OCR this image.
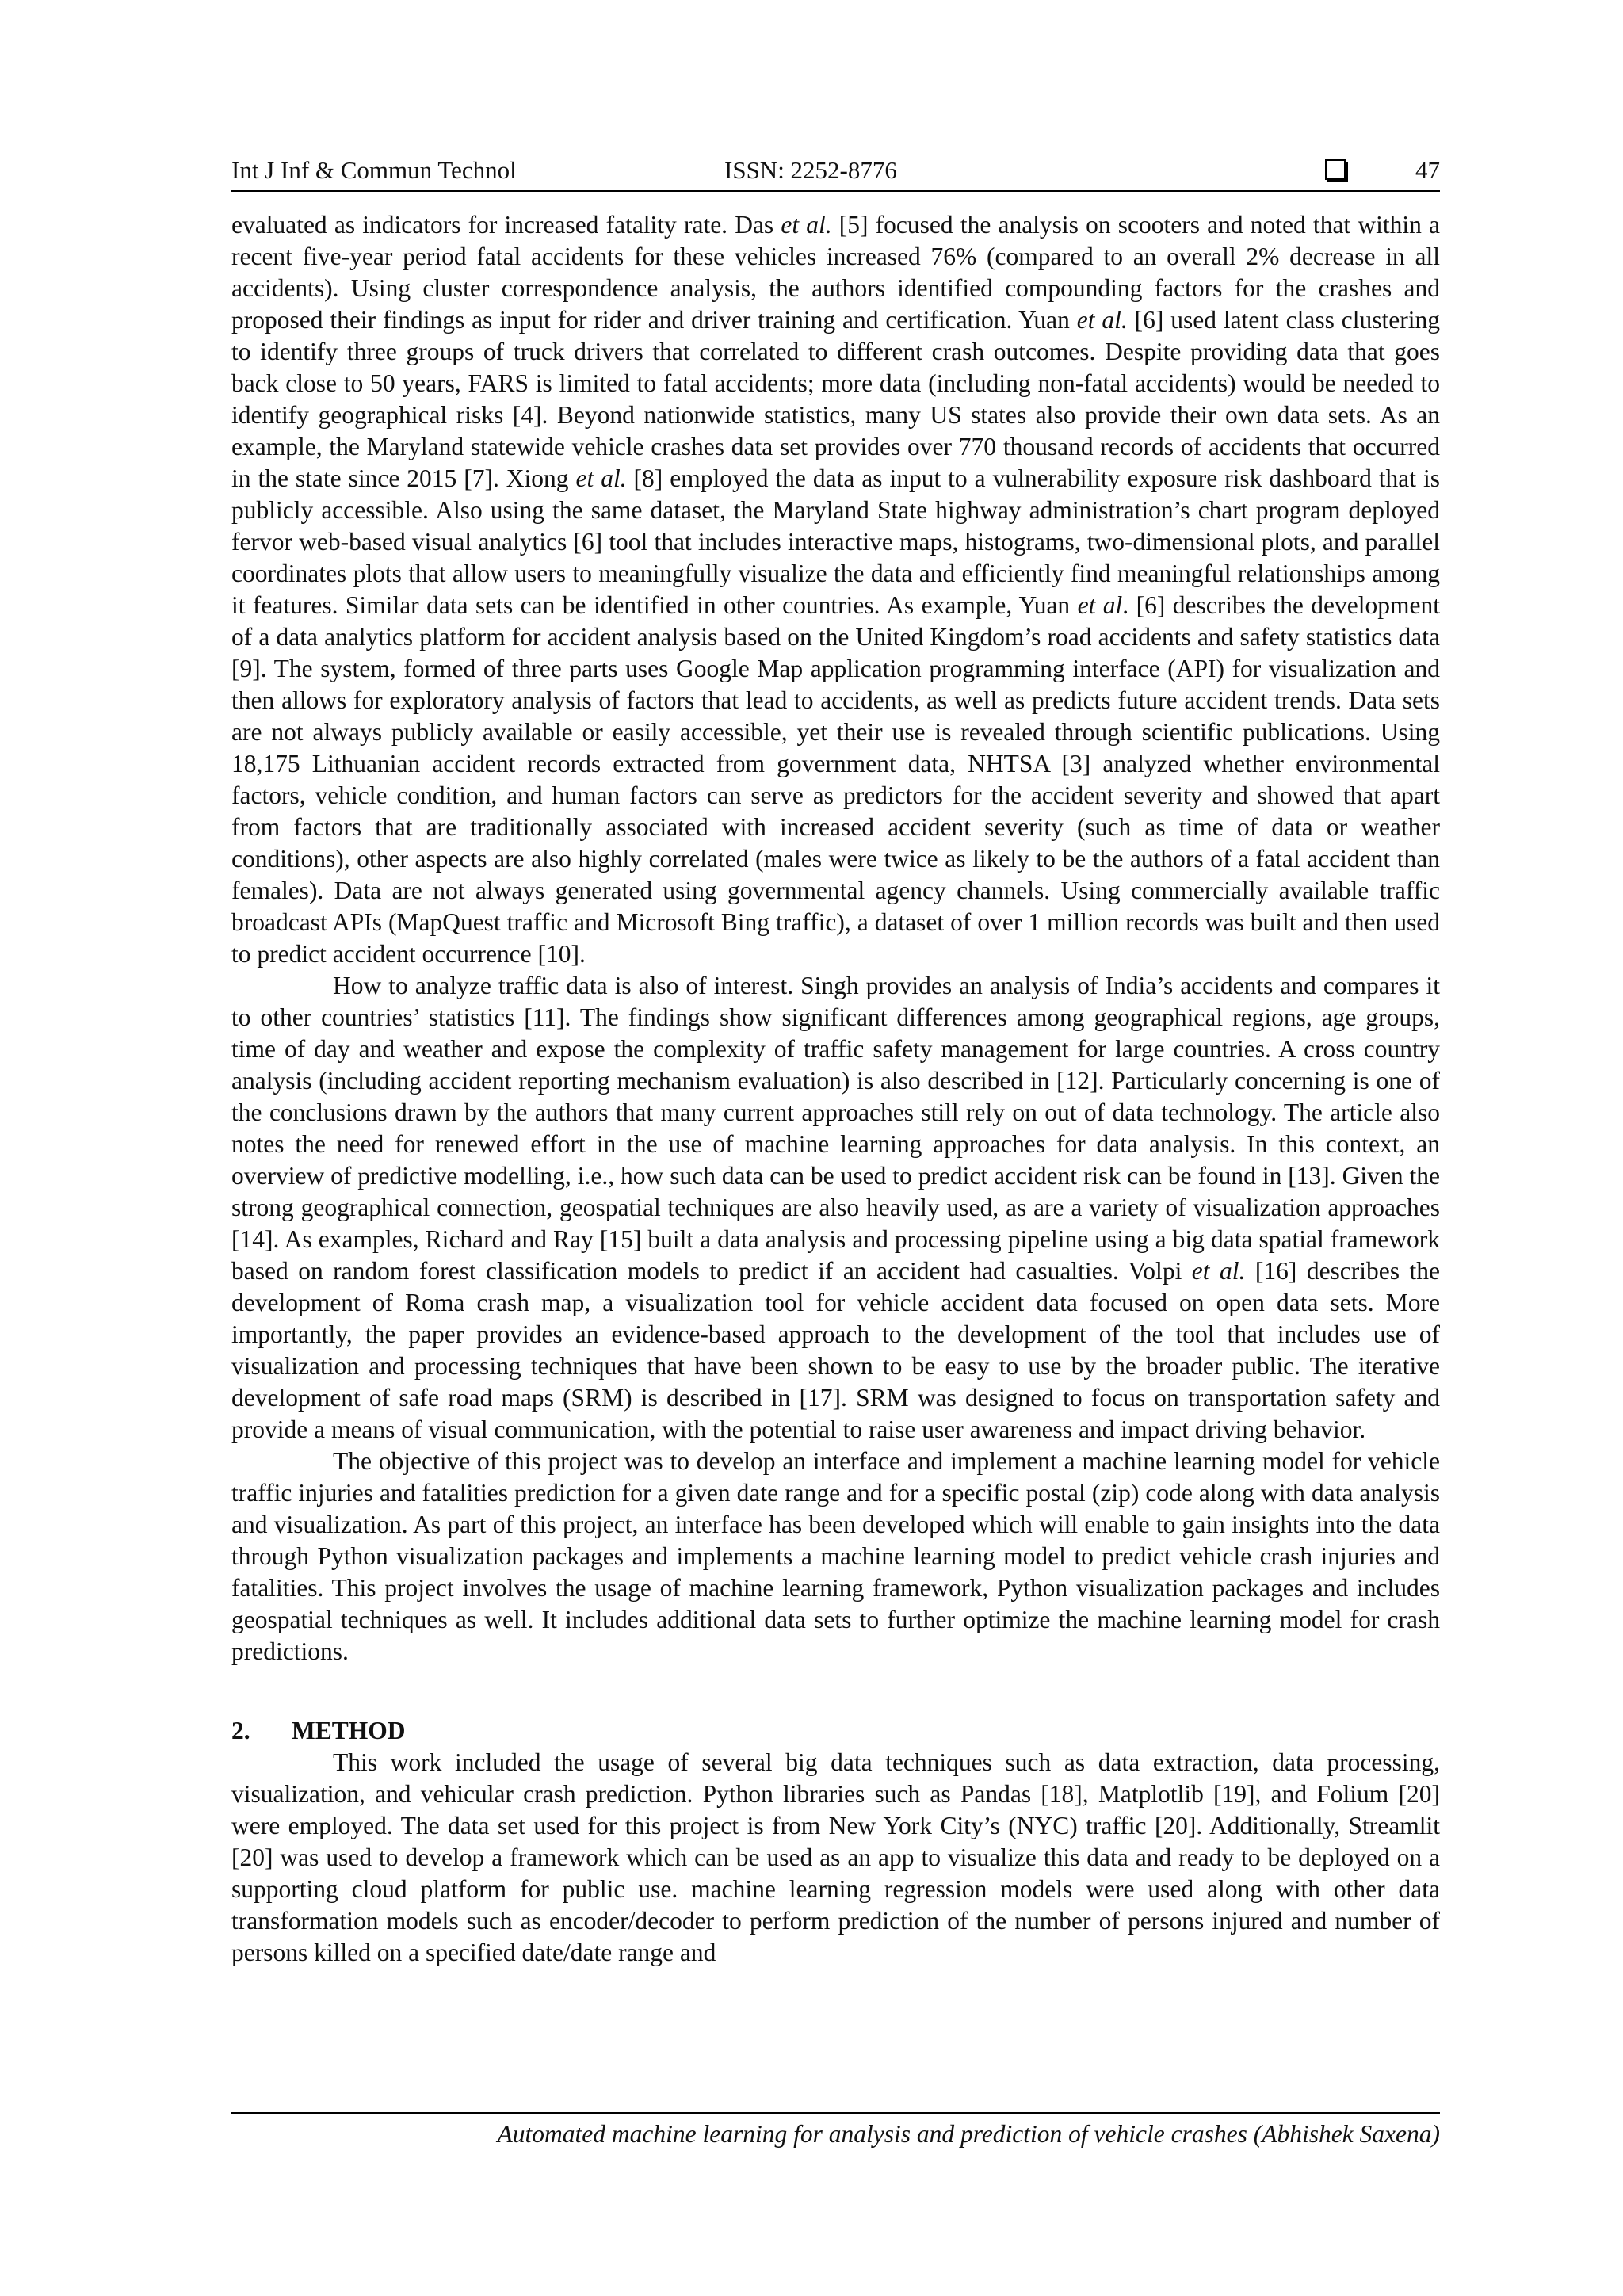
Int J Inf & Commun Technol	ISSN: 2252-8776	47

evaluated as indicators for increased fatality rate. Das et al. [5] focused the analysis on scooters and noted that within a recent five-year period fatal accidents for these vehicles increased 76% (compared to an overall 2% decrease in all accidents). Using cluster correspondence analysis, the authors identified compounding factors for the crashes and proposed their findings as input for rider and driver training and certification. Yuan et al. [6] used latent class clustering to identify three groups of truck drivers that correlated to different crash outcomes. Despite providing data that goes back close to 50 years, FARS is limited to fatal accidents; more data (including non-fatal accidents) would be needed to identify geographical risks [4]. Beyond nationwide statistics, many US states also provide their own data sets. As an example, the Maryland statewide vehicle crashes data set provides over 770 thousand records of accidents that occurred in the state since 2015 [7]. Xiong et al. [8] employed the data as input to a vulnerability exposure risk dashboard that is publicly accessible. Also using the same dataset, the Maryland State highway administration’s chart program deployed fervor web-based visual analytics [6] tool that includes interactive maps, histograms, two-dimensional plots, and parallel coordinates plots that allow users to meaningfully visualize the data and efficiently find meaningful relationships among it features. Similar data sets can be identified in other countries. As example, Yuan et al. [6] describes the development of a data analytics platform for accident analysis based on the United Kingdom’s road accidents and safety statistics data [9]. The system, formed of three parts uses Google Map application programming interface (API) for visualization and then allows for exploratory analysis of factors that lead to accidents, as well as predicts future accident trends. Data sets are not always publicly available or easily accessible, yet their use is revealed through scientific publications. Using 18,175 Lithuanian accident records extracted from government data, NHTSA [3] analyzed whether environmental factors, vehicle condition, and human factors can serve as predictors for the accident severity and showed that apart from factors that are traditionally associated with increased accident severity (such as time of data or weather conditions), other aspects are also highly correlated (males were twice as likely to be the authors of a fatal accident than females). Data are not always generated using governmental agency channels. Using commercially available traffic broadcast APIs (MapQuest traffic and Microsoft Bing traffic), a dataset of over 1 million records was built and then used to predict accident occurrence [10].

How to analyze traffic data is also of interest. Singh provides an analysis of India’s accidents and compares it to other countries’ statistics [11]. The findings show significant differences among geographical regions, age groups, time of day and weather and expose the complexity of traffic safety management for large countries. A cross country analysis (including accident reporting mechanism evaluation) is also described in [12]. Particularly concerning is one of the conclusions drawn by the authors that many current approaches still rely on out of data technology. The article also notes the need for renewed effort in the use of machine learning approaches for data analysis. In this context, an overview of predictive modelling, i.e., how such data can be used to predict accident risk can be found in [13]. Given the strong geographical connection, geospatial techniques are also heavily used, as are a variety of visualization approaches [14]. As examples, Richard and Ray [15] built a data analysis and processing pipeline using a big data spatial framework based on random forest classification models to predict if an accident had casualties. Volpi et al. [16] describes the development of Roma crash map, a visualization tool for vehicle accident data focused on open data sets. More importantly, the paper provides an evidence-based approach to the development of the tool that includes use of visualization and processing techniques that have been shown to be easy to use by the broader public. The iterative development of safe road maps (SRM) is described in [17]. SRM was designed to focus on transportation safety and provide a means of visual communication, with the potential to raise user awareness and impact driving behavior.

The objective of this project was to develop an interface and implement a machine learning model for vehicle traffic injuries and fatalities prediction for a given date range and for a specific postal (zip) code along with data analysis and visualization. As part of this project, an interface has been developed which will enable to gain insights into the data through Python visualization packages and implements a machine learning model to predict vehicle crash injuries and fatalities. This project involves the usage of machine learning framework, Python visualization packages and includes geospatial techniques as well. It includes additional data sets to further optimize the machine learning model for crash predictions.

2. METHOD

This work included the usage of several big data techniques such as data extraction, data processing, visualization, and vehicular crash prediction. Python libraries such as Pandas [18], Matplotlib [19], and Folium [20] were employed. The data set used for this project is from New York City’s (NYC) traffic [20]. Additionally, Streamlit [20] was used to develop a framework which can be used as an app to visualize this data and ready to be deployed on a supporting cloud platform for public use. machine learning regression models were used along with other data transformation models such as encoder/decoder to perform prediction of the number of persons injured and number of persons killed on a specified date/date range and

Automated machine learning for analysis and prediction of vehicle crashes (Abhishek Saxena)
